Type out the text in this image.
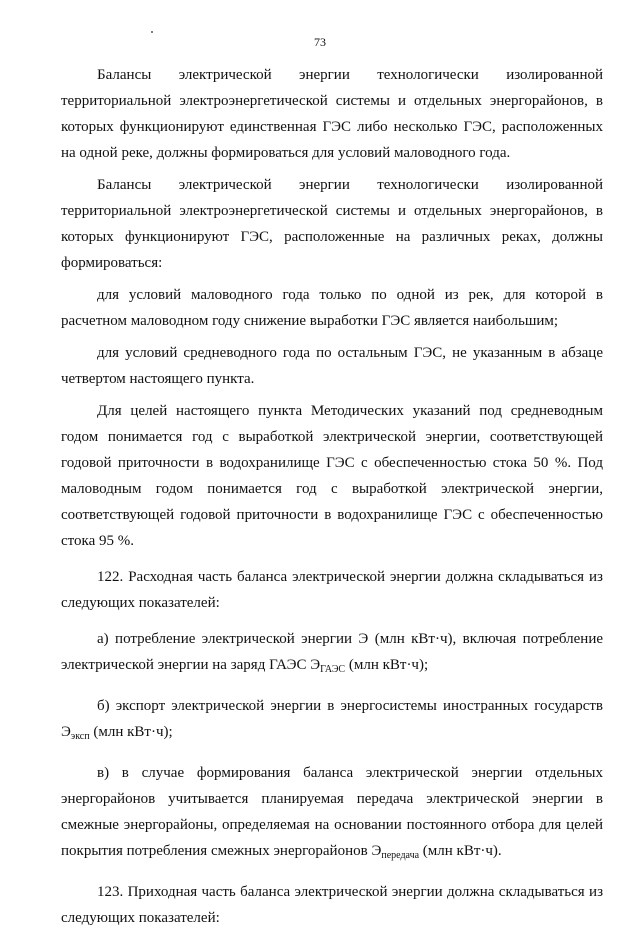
73

Балансы электрической энергии технологически изолированной территориальной электроэнергетической системы и отдельных энергорайонов, в которых функционируют единственная ГЭС либо несколько ГЭС, расположенных на одной реке, должны формироваться для условий маловодного года.

Балансы электрической энергии технологически изолированной территориальной электроэнергетической системы и отдельных энергорайонов, в которых функционируют ГЭС, расположенные на различных реках, должны формироваться:

для условий маловодного года только по одной из рек, для которой в расчетном маловодном году снижение выработки ГЭС является наибольшим;

для условий средневодного года по остальным ГЭС, не указанным в абзаце четвертом настоящего пункта.

Для целей настоящего пункта Методических указаний под средневодным годом понимается год с выработкой электрической энергии, соответствующей годовой приточности в водохранилище ГЭС с обеспеченностью стока 50 %. Под маловодным годом понимается год с выработкой электрической энергии, соответствующей годовой приточности в водохранилище ГЭС с обеспеченностью стока 95 %.

122. Расходная часть баланса электрической энергии должна складываться из следующих показателей:

а) потребление электрической энергии Э (млн кВт·ч), включая потребление электрической энергии на заряд ГАЭС $Э_{ГАЭС}$ (млн кВт·ч);

б) экспорт электрической энергии в энергосистемы иностранных государств $Э_{эксп}$ (млн кВт·ч);

в) в случае формирования баланса электрической энергии отдельных энергорайонов учитывается планируемая передача электрической энергии в смежные энергорайоны, определяемая на основании постоянного отбора для целей покрытия потребления смежных энергорайонов $Э_{передача}$ (млн кВт·ч).

123. Приходная часть баланса электрической энергии должна складываться из следующих показателей:
